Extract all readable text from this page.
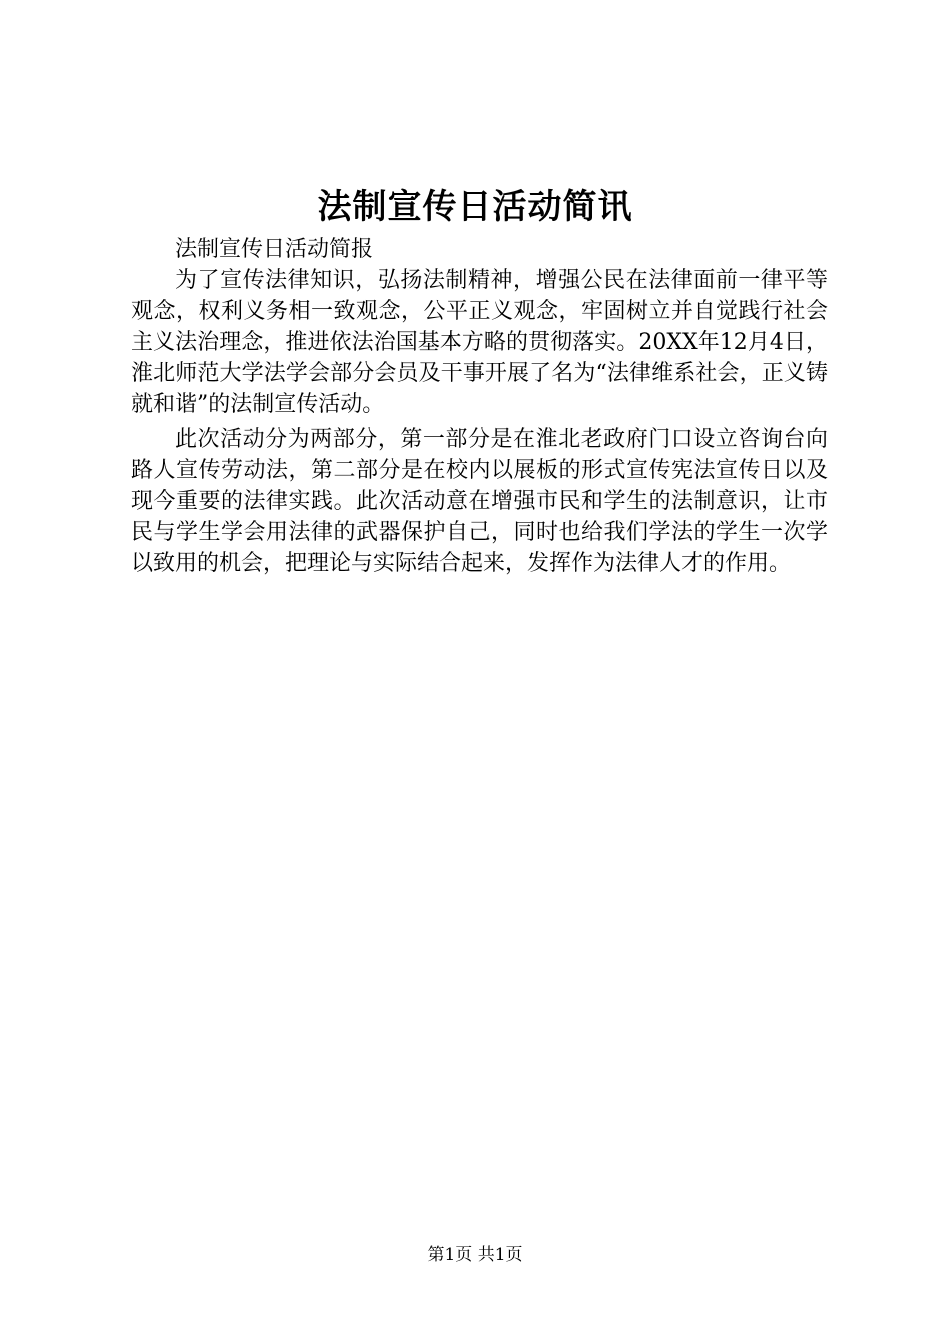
法制宣传日活动简讯

法制宣传日活动简报

为了宣传法律知识，弘扬法制精神，增强公民在法律面前一律平等观念，权利义务相一致观念，公平正义观念，牢固树立并自觉践行社会主义法治理念，推进依法治国基本方略的贯彻落实。20XX年12月4日，淮北师范大学法学会部分会员及干事开展了名为“法律维系社会，正义铸就和谐”的法制宣传活动。

此次活动分为两部分，第一部分是在淮北老政府门口设立咨询台向路人宣传劳动法，第二部分是在校内以展板的形式宣传宪法宣传日以及现今重要的法律实践。此次活动意在增强市民和学生的法制意识，让市民与学生学会用法律的武器保护自己，同时也给我们学法的学生一次学以致用的机会，把理论与实际结合起来，发挥作为法律人才的作用。

第1页 共1页
